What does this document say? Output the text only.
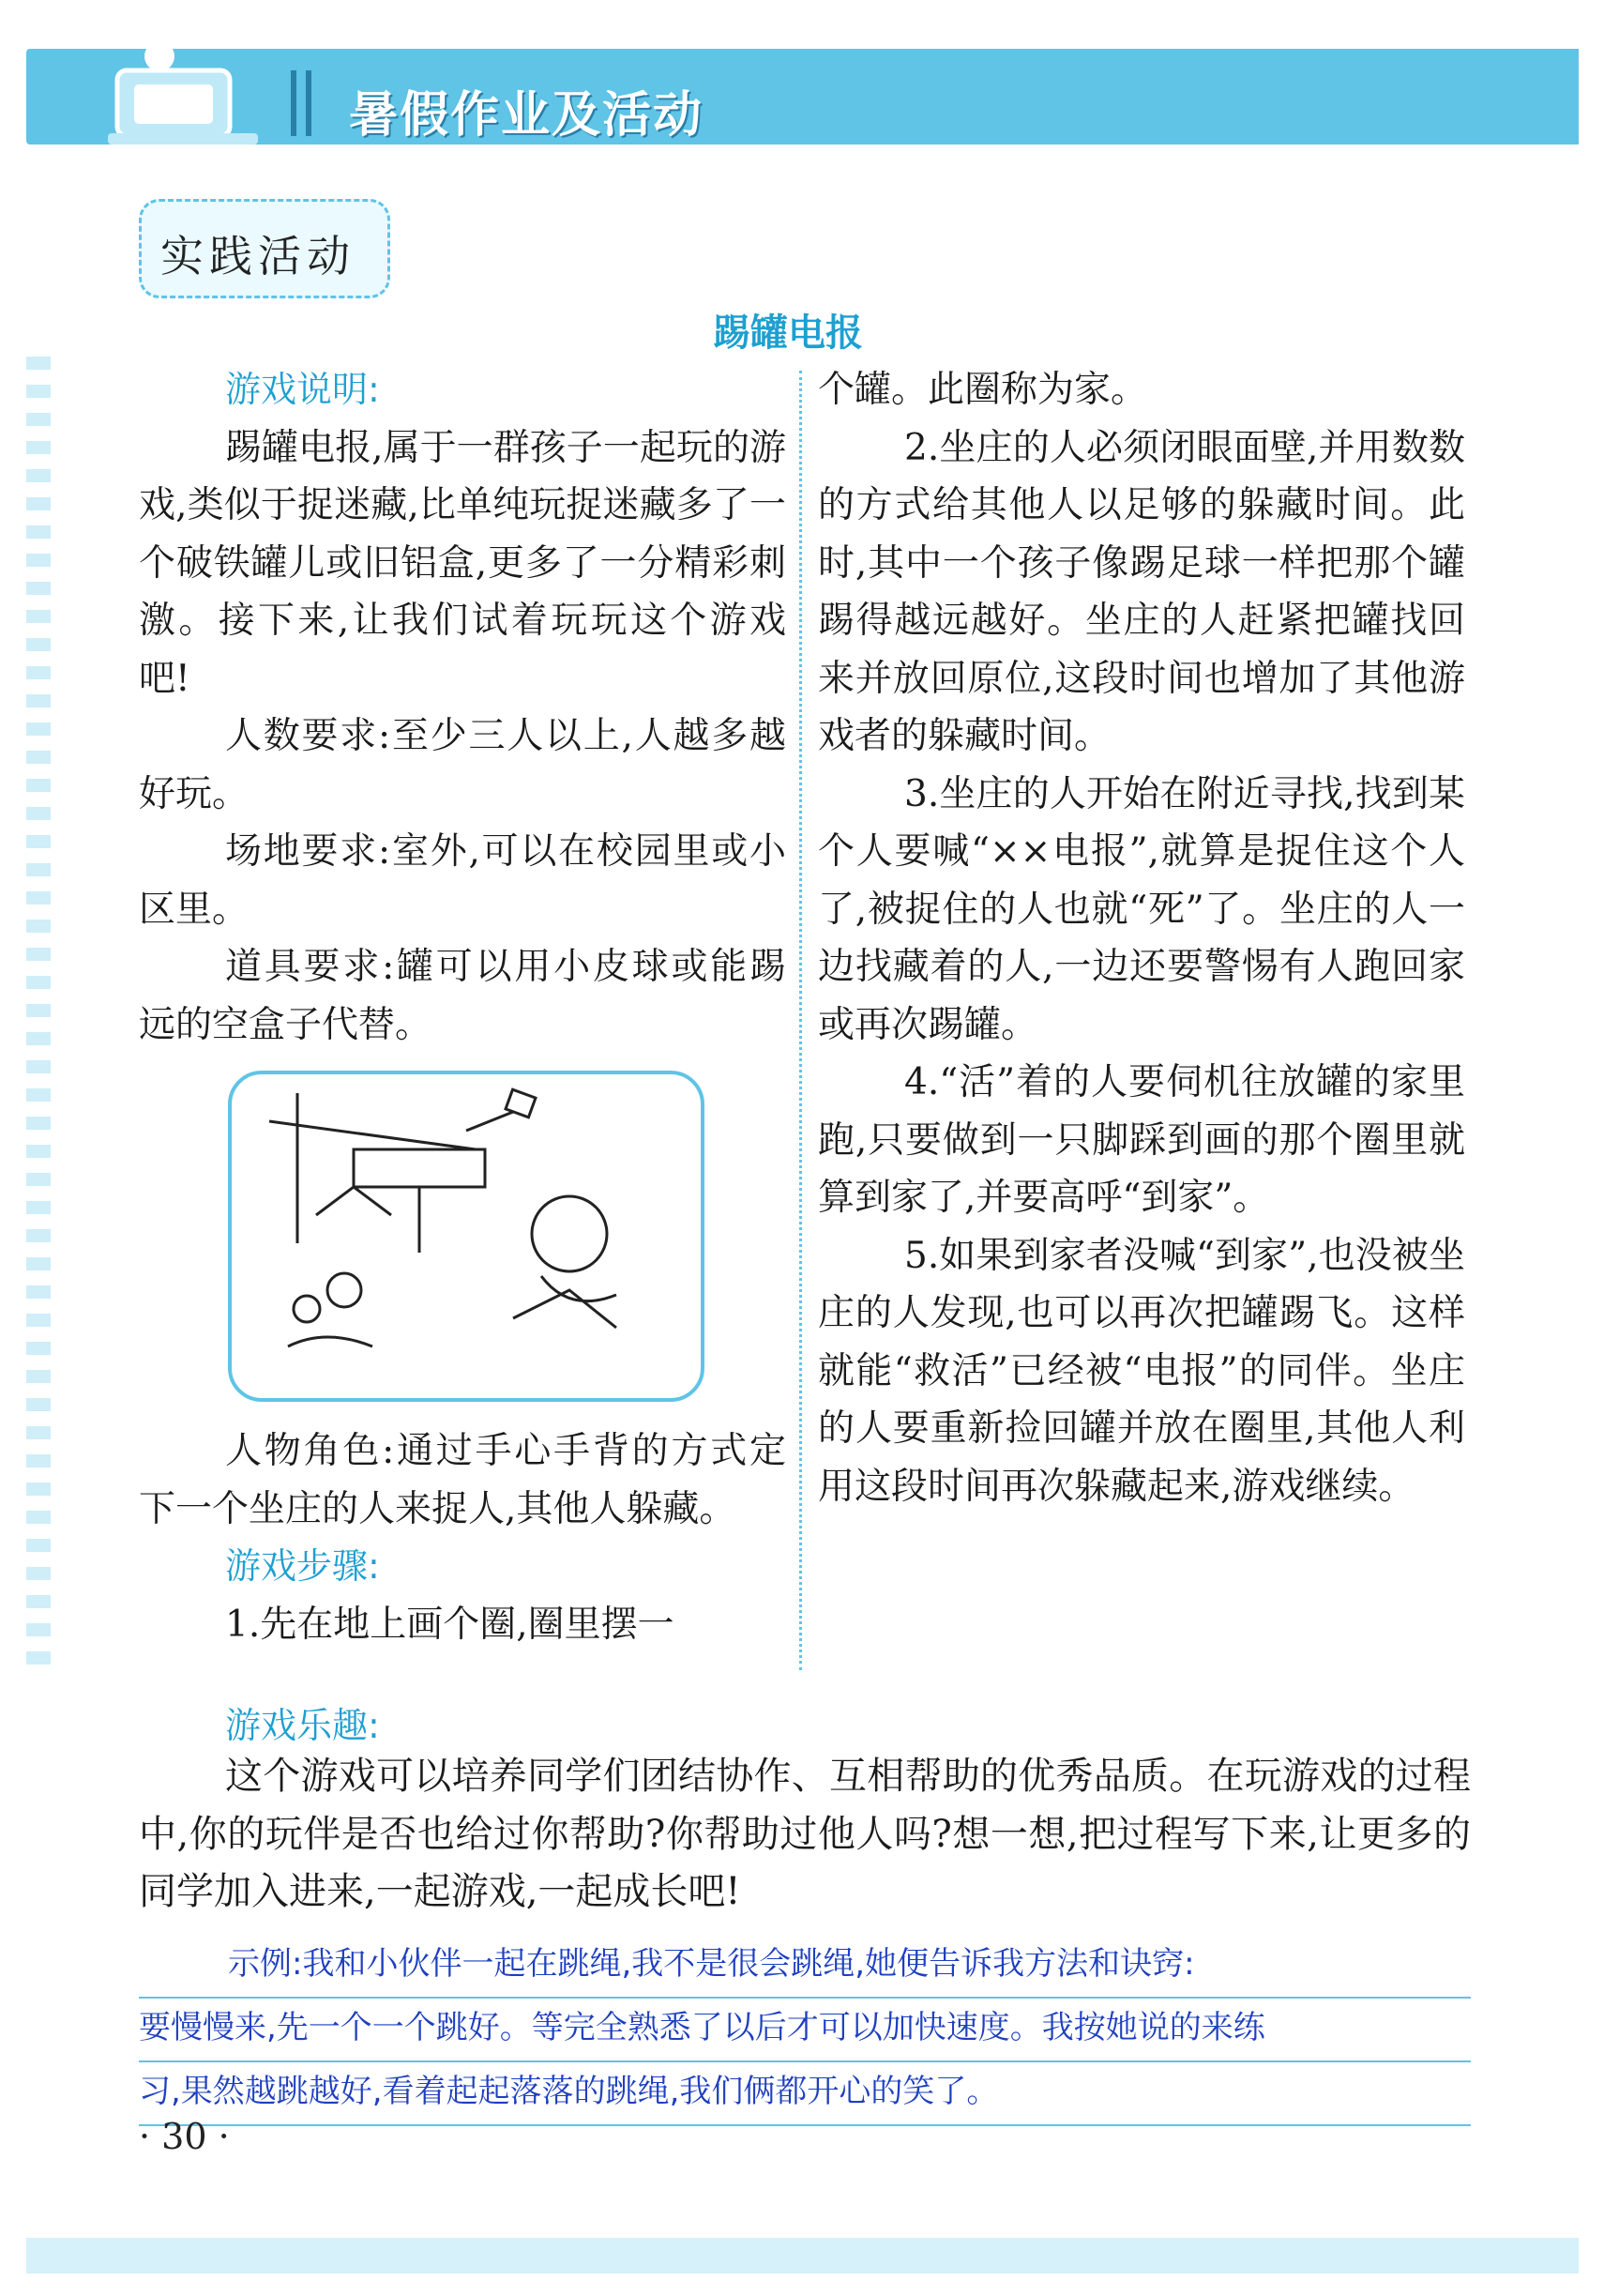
暑假作业及活动
实践活动
踢罐电报
游戏说明:

踢罐电报,属于一群孩子一起玩的游戏,类似于捉迷藏,比单纯玩捉迷藏多了一个破铁罐儿或旧铝盒,更多了一分精彩刺激。接下来,让我们试着玩玩这个游戏吧!

人数要求:至少三人以上,人越多越好玩。

场地要求:室外,可以在校园里或小区里。

道具要求:罐可以用小皮球或能踢远的空盒子代替。

人物角色:通过手心手背的方式定下一个坐庄的人来捉人,其他人躲藏。

游戏步骤:

1.先在地上画个圈,圈里摆一

个罐。此圈称为家。

2.坐庄的人必须闭眼面壁,并用数数的方式给其他人以足够的躲藏时间。此时,其中一个孩子像踢足球一样把那个罐踢得越远越好。坐庄的人赶紧把罐找回来并放回原位,这段时间也增加了其他游戏者的躲藏时间。

3.坐庄的人开始在附近寻找,找到某个人要喊“××电报”,就算是捉住这个人了,被捉住的人也就“死”了。坐庄的人一边找藏着的人,一边还要警惕有人跑回家或再次踢罐。

4.“活”着的人要伺机往放罐的家里跑,只要做到一只脚踩到画的那个圈里就算到家了,并要高呼“到家”。

5.如果到家者没喊“到家”,也没被坐庄的人发现,也可以再次把罐踢飞。这样就能“救活”已经被“电报”的同伴。坐庄的人要重新捡回罐并放在圈里,其他人利用这段时间再次躲藏起来,游戏继续。

游戏乐趣:

这个游戏可以培养同学们团结协作、互相帮助的优秀品质。在玩游戏的过程中,你的玩伴是否也给过你帮助?你帮助过他人吗?想一想,把过程写下来,让更多的同学加入进来,一起游戏,一起成长吧!

示例:我和小伙伴一起在跳绳,我不是很会跳绳,她便告诉我方法和诀窍:
要慢慢来,先一个一个跳好。等完全熟悉了以后才可以加快速度。我按她说的来练
习,果然越跳越好,看着起起落落的跳绳,我们俩都开心的笑了。
· 30 ·
